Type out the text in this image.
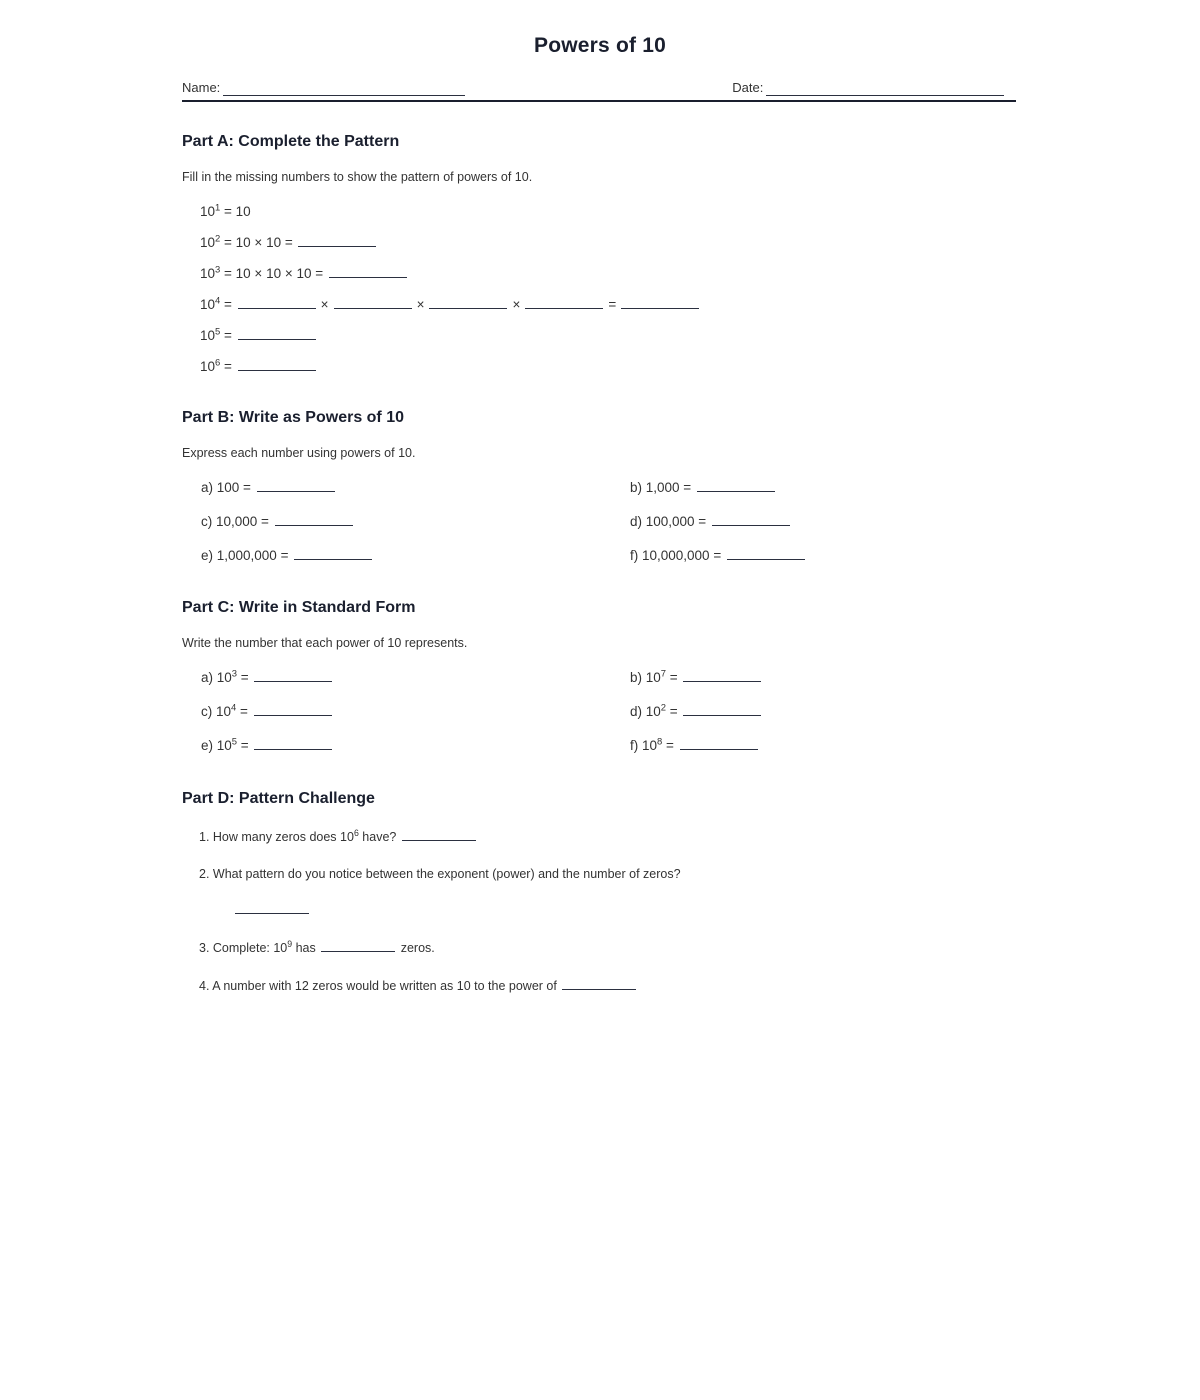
Powers of 10
Name:	Date:
Part A: Complete the Pattern
Fill in the missing numbers to show the pattern of powers of 10.
$10^1 = 10$
$10^2 = 10 \times 10$ =
$10^3 = 10 \times 10 \times 10$ =
$10^4$ =	×	×	×	=
$10^5$ =
$10^6$ =
Part B: Write as Powers of 10
Express each number using powers of 10.
a) 100 =	b) 1,000 =
c) 10,000 =	d) 100,000 =
e) 1,000,000 =	f) 10,000,000 =
Part C: Write in Standard Form
Write the number that each power of 10 represents.
a) $10^3$ =	b) $10^7$ =
c) $10^4$ =	d) $10^2$ =
e) $10^5$ =	f) $10^8$ =
Part D: Pattern Challenge
1. How many zeros does $10^6$ have?
2. What pattern do you notice between the exponent (power) and the number of zeros?
3. Complete: $10^9$ has	zeros.
4. A number with 12 zeros would be written as 10 to the power of
